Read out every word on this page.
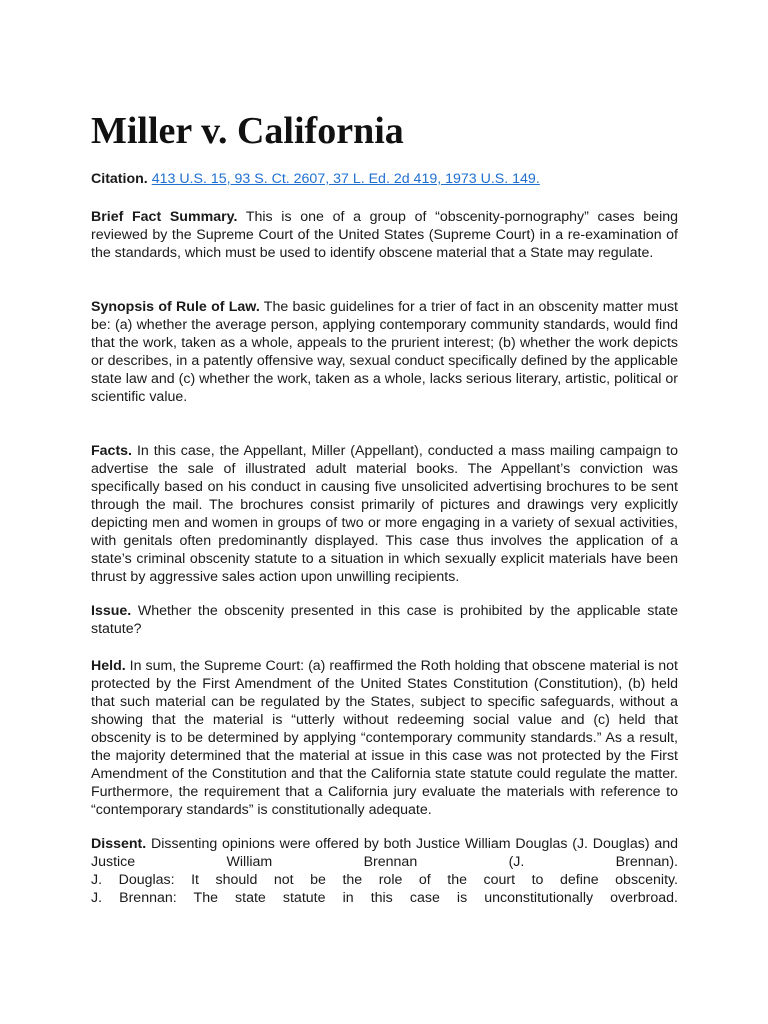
Miller v. California

Citation. 413 U.S. 15, 93 S. Ct. 2607, 37 L. Ed. 2d 419, 1973 U.S. 149.

Brief Fact Summary. This is one of a group of “obscenity-pornography” cases being reviewed by the Supreme Court of the United States (Supreme Court) in a re-examination of the standards, which must be used to identify obscene material that a State may regulate.

Synopsis of Rule of Law. The basic guidelines for a trier of fact in an obscenity matter must be: (a) whether the average person, applying contemporary community standards, would find that the work, taken as a whole, appeals to the prurient interest; (b) whether the work depicts or describes, in a patently offensive way, sexual conduct specifically defined by the applicable state law and (c) whether the work, taken as a whole, lacks serious literary, artistic, political or scientific value.

Facts. In this case, the Appellant, Miller (Appellant), conducted a mass mailing campaign to advertise the sale of illustrated adult material books. The Appellant’s conviction was specifically based on his conduct in causing five unsolicited advertising brochures to be sent through the mail. The brochures consist primarily of pictures and drawings very explicitly depicting men and women in groups of two or more engaging in a variety of sexual activities, with genitals often predominantly displayed. This case thus involves the application of a state’s criminal obscenity statute to a situation in which sexually explicit materials have been thrust by aggressive sales action upon unwilling recipients.

Issue. Whether the obscenity presented in this case is prohibited by the applicable state statute?

Held. In sum, the Supreme Court: (a) reaffirmed the Roth holding that obscene material is not protected by the First Amendment of the United States Constitution (Constitution), (b) held that such material can be regulated by the States, subject to specific safeguards, without a showing that the material is “utterly without redeeming social value and (c) held that obscenity is to be determined by applying “contemporary community standards.” As a result, the majority determined that the material at issue in this case was not protected by the First Amendment of the Constitution and that the California state statute could regulate the matter. Furthermore, the requirement that a California jury evaluate the materials with reference to “contemporary standards” is constitutionally adequate.

Dissent. Dissenting opinions were offered by both Justice William Douglas (J. Douglas) and Justice William Brennan (J. Brennan).
J. Douglas: It should not be the role of the court to define obscenity.
J. Brennan: The state statute in this case is unconstitutionally overbroad.
